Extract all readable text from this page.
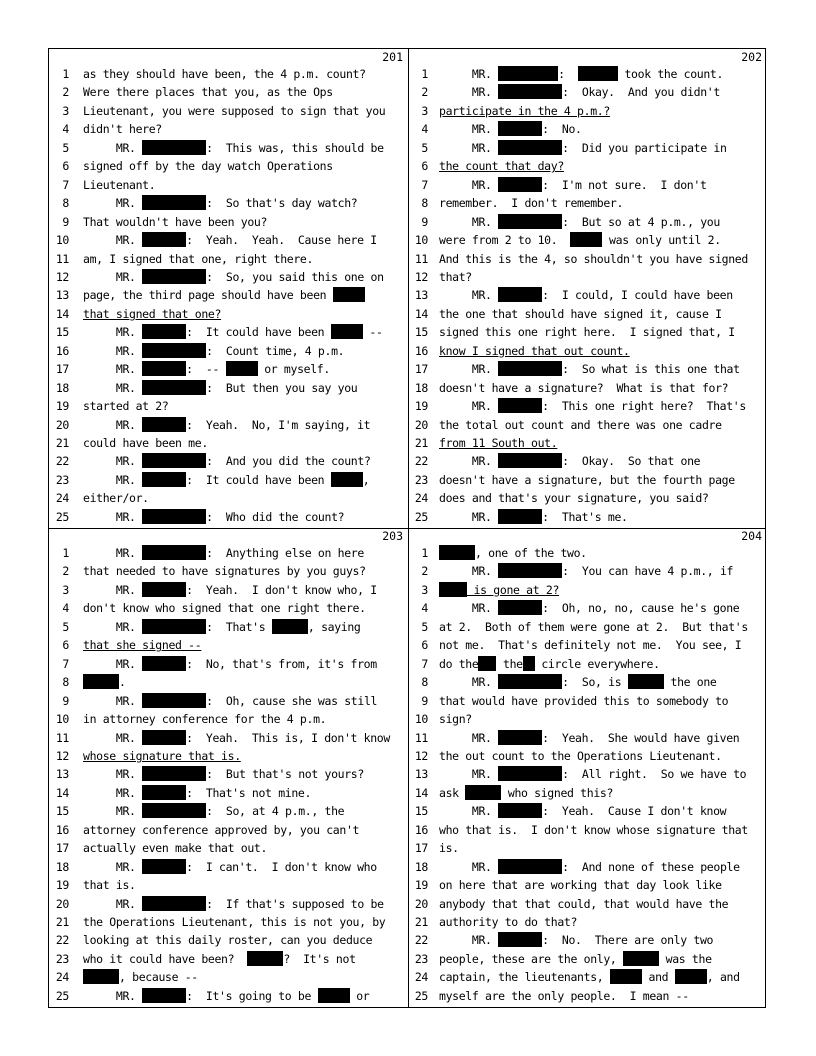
201
1 as they should have been, the 4 p.m. count?
2 Were there places that you, as the Ops
3 Lieutenant, you were supposed to sign that you
4 didn't here?
5 MR.	:  This was, this should be
6 signed off by the day watch Operations
7 Lieutenant.
8 MR.	:  So that's day watch?
9 That wouldn't have been you?
10 MR.	:  Yeah.  Yeah.  Cause here I
11 am, I signed that one, right there.
12 MR.	:  So, you said this one on
13 page, the third page should have been
14 that signed that one?
15 MR.	:  It could have been	--
16 MR.	:  Count time, 4 p.m.
17 MR.	:  --	or myself.
18 MR.	:  But then you say you
19 started at 2?
20 MR.	:  Yeah.  No, I'm saying, it
21 could have been me.
22 MR.	:  And you did the count?
23 MR.	:  It could have been	,
24 either/or.
25 MR.	:  Who did the count?
202
1 MR.	:	took the count.
2 MR.	:  Okay.  And you didn't
3 participate in the 4 p.m.?
4 MR.	:  No.
5 MR.	:  Did you participate in
6 the count that day?
7 MR.	:  I'm not sure.  I don't
8 remember.  I don't remember.
9 MR.	:  But so at 4 p.m., you
10 were from 2 to 10.	was only until 2.
11 And this is the 4, so shouldn't you have signed
12 that?
13 MR.	:  I could, I could have been
14 the one that should have signed it, cause I
15 signed this one right here.  I signed that, I
16 know I signed that out count.
17 MR.	:  So what is this one that
18 doesn't have a signature?  What is that for?
19 MR.	:  This one right here?  That's
20 the total out count and there was one cadre
21 from 11 South out.
22 MR.	:  Okay.  So that one
23 doesn't have a signature, but the fourth page
24 does and that's your signature, you said?
25 MR.	:  That's me.
203
1 MR.	:  Anything else on here
2 that needed to have signatures by you guys?
3 MR.	:  Yeah.  I don't know who, I
4 don't know who signed that one right there.
5 MR.	:  That's	, saying
6 that she signed --
7 MR.	:  No, that's from, it's from
8	.
9 MR.	:  Oh, cause she was still
10 in attorney conference for the 4 p.m.
11 MR.	:  Yeah.  This is, I don't know
12 whose signature that is.
13 MR.	:  But that's not yours?
14 MR.	:  That's not mine.
15 MR.	:  So, at 4 p.m., the
16 attorney conference approved by, you can't
17 actually even make that out.
18 MR.	:  I can't.  I don't know who
19 that is.
20 MR.	:  If that's supposed to be
21 the Operations Lieutenant, this is not you, by
22 looking at this daily roster, can you deduce
23 who it could have been?	?  It's not
24	, because --
25 MR.	:  It's going to be	or
204
1	, one of the two.
2 MR.	:  You can have 4 p.m., if
3	is gone at 2?
4 MR.	:  Oh, no, no, cause he's gone
5 at 2.  Both of them were gone at 2.  But that's
6 not me.  That's definitely not me.  You see, I
7 do the the circle everywhere.
8 MR.	:  So, is	the one
9 that would have provided this to somebody to
10 sign?
11 MR.	:  Yeah.  She would have given
12 the out count to the Operations Lieutenant.
13 MR.	:  All right.  So we have to
14 ask	who signed this?
15 MR.	:  Yeah.  Cause I don't know
16 who that is.  I don't know whose signature that
17 is.
18 MR.	:  And none of these people
19 on here that are working that day look like
20 anybody that that could, that would have the
21 authority to do that?
22 MR.	:  No.  There are only two
23 people, these are the only,	was the
24 captain, the lieutenants,	and	, and
25 myself are the only people.  I mean --
